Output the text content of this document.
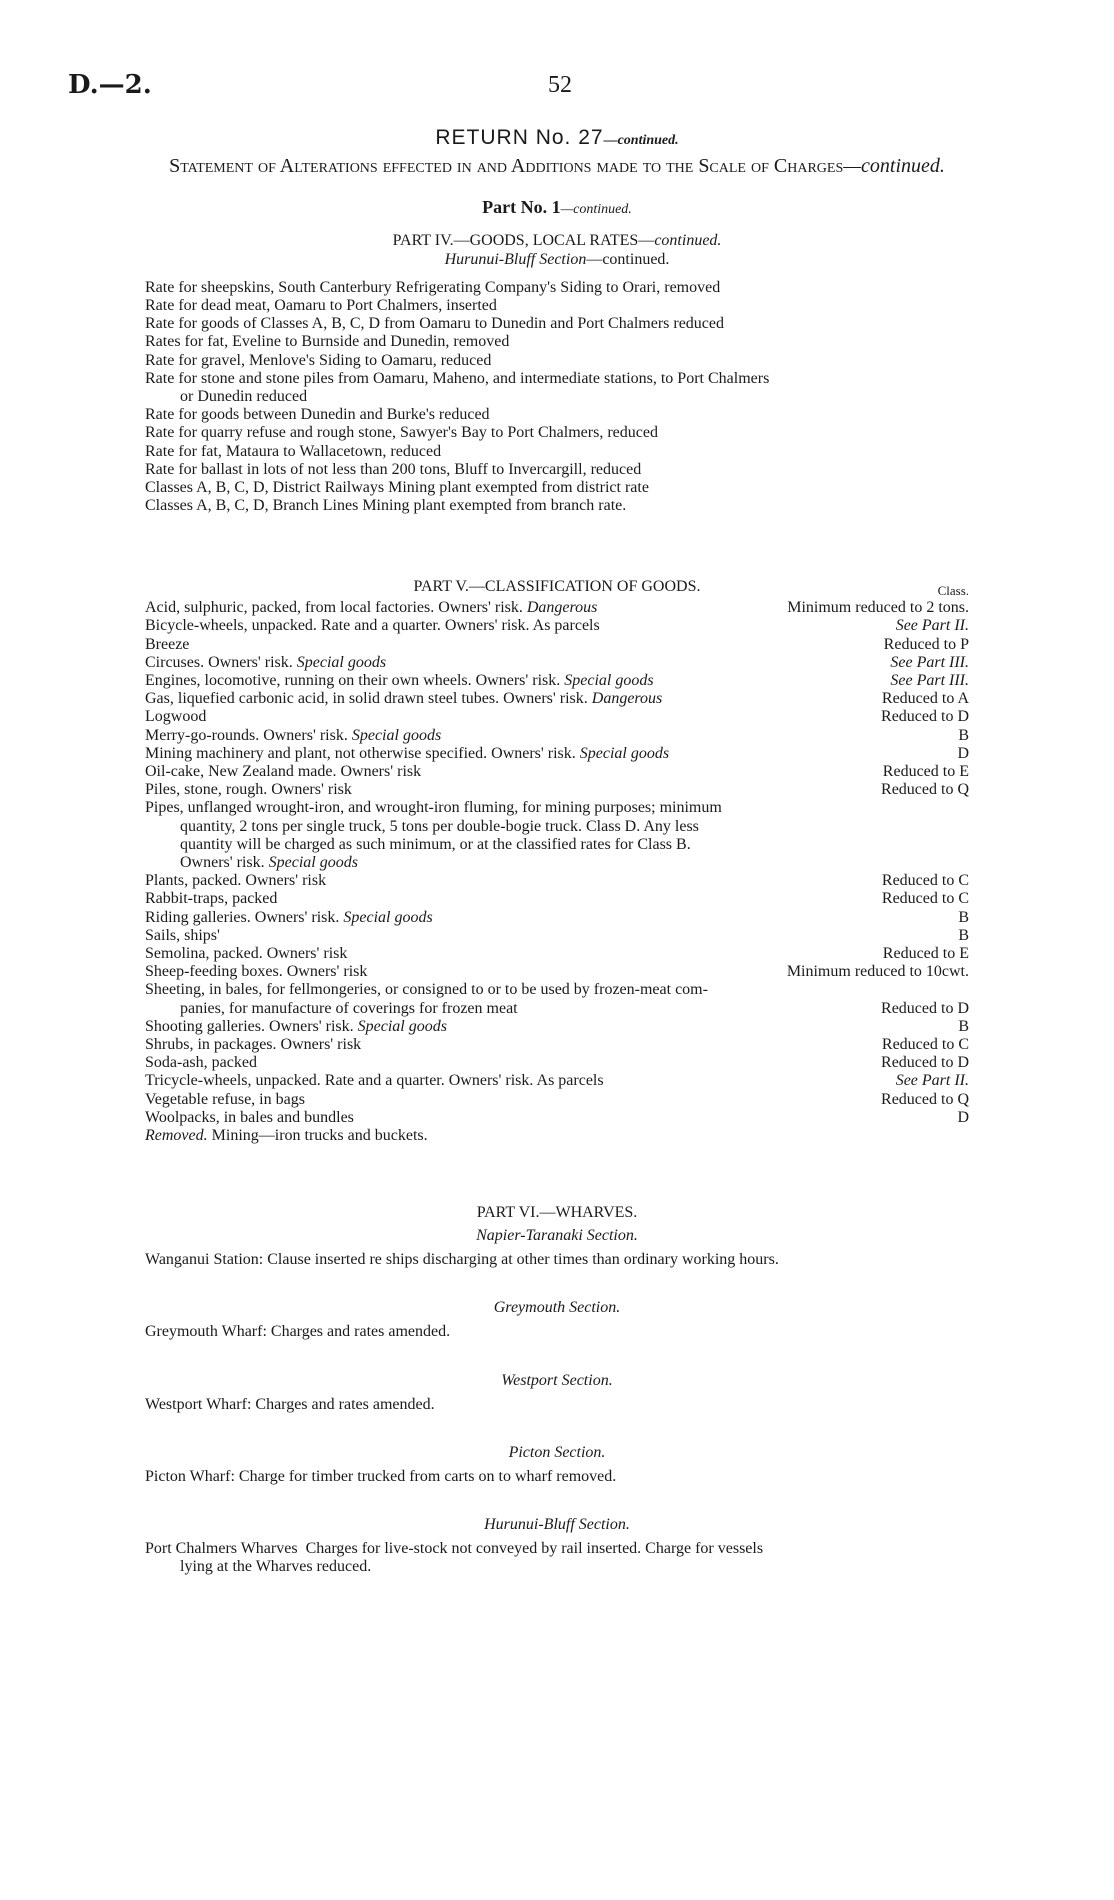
D.—2.	52
RETURN No. 27—continued.
Statement of Alterations effected in and Additions made to the Scale of Charges—continued.
Part No. 1—continued.
PART IV.—GOODS, LOCAL RATES—continued.
Hurunui-Bluff Section—continued.
Rate for sheepskins, South Canterbury Refrigerating Company's Siding to Orari, removed
Rate for dead meat, Oamaru to Port Chalmers, inserted
Rate for goods of Classes A, B, C, D from Oamaru to Dunedin and Port Chalmers reduced
Rates for fat, Eveline to Burnside and Dunedin, removed
Rate for gravel, Menlove's Siding to Oamaru, reduced
Rate for stone and stone piles from Oamaru, Maheno, and intermediate stations, to Port Chalmers
or Dunedin reduced
Rate for goods between Dunedin and Burke's reduced
Rate for quarry refuse and rough stone, Sawyer's Bay to Port Chalmers, reduced
Rate for fat, Mataura to Wallacetown, reduced
Rate for ballast in lots of not less than 200 tons, Bluff to Invercargill, reduced
Classes A, B, C, D, District Railways Mining plant exempted from district rate
Classes A, B, C, D, Branch Lines Mining plant exempted from branch rate.
PART V.—CLASSIFICATION OF GOODS.	Class.
Acid, sulphuric, packed, from local factories. Owners' risk. Dangerous	Minimum reduced to 2 tons.
Bicycle-wheels, unpacked. Rate and a quarter. Owners' risk. As parcels	See Part II.
Breeze	Reduced to P
Circuses. Owners' risk. Special goods	See Part III.
Engines, locomotive, running on their own wheels. Owners' risk. Special goods	See Part III.
Gas, liquefied carbonic acid, in solid drawn steel tubes. Owners' risk. Dangerous	Reduced to A
Logwood	Reduced to D
Merry-go-rounds. Owners' risk. Special goods	B
Mining machinery and plant, not otherwise specified. Owners' risk. Special goods	D
Oil-cake, New Zealand made. Owners' risk	Reduced to E
Piles, stone, rough. Owners' risk	Reduced to Q
Pipes, unflanged wrought-iron, and wrought-iron fluming, for mining purposes; minimum
quantity, 2 tons per single truck, 5 tons per double-bogie truck. Class D. Any less
quantity will be charged as such minimum, or at the classified rates for Class B.
Owners' risk. Special goods
Plants, packed. Owners' risk	Reduced to C
Rabbit-traps, packed	Reduced to C
Riding galleries. Owners' risk. Special goods	B
Sails, ships'	B
Semolina, packed. Owners' risk	Reduced to E
Sheep-feeding boxes. Owners' risk	Minimum reduced to 10cwt.
Sheeting, in bales, for fellmongeries, or consigned to or to be used by frozen-meat com-
panies, for manufacture of coverings for frozen meat	Reduced to D
Shooting galleries. Owners' risk. Special goods	B
Shrubs, in packages. Owners' risk	Reduced to C
Soda-ash, packed	Reduced to D
Tricycle-wheels, unpacked. Rate and a quarter. Owners' risk. As parcels	See Part II.
Vegetable refuse, in bags	Reduced to Q
Woolpacks, in bales and bundles	D
Removed. Mining—iron trucks and buckets.
PART VI.—WHARVES.
Napier-Taranaki Section.
Wanganui Station: Clause inserted re ships discharging at other times than ordinary working hours.
Greymouth Section.
Greymouth Wharf: Charges and rates amended.
Westport Section.
Westport Wharf: Charges and rates amended.
Picton Section.
Picton Wharf: Charge for timber trucked from carts on to wharf removed.
Hurunui-Bluff Section.
Port Chalmers Wharves Charges for live-stock not conveyed by rail inserted. Charge for vessels
lying at the Wharves reduced.
